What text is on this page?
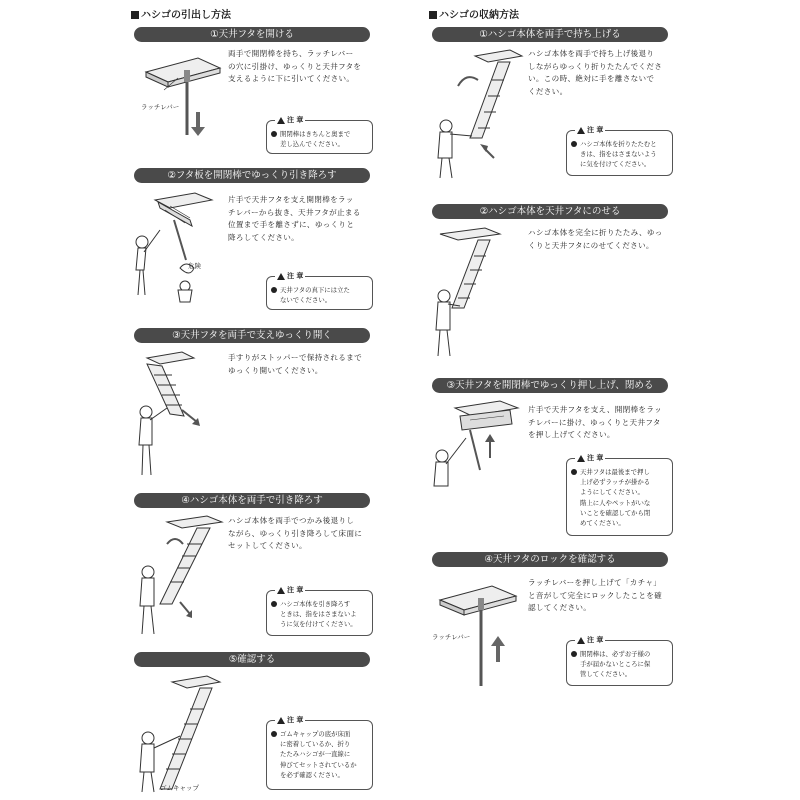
ハシゴの引出し方法	ハシゴの収納方法
①天井フタを開ける
ラッチレバー
両手で開閉棒を持ち、ラッチレバー
の穴に引掛け、ゆっくりと天井フタを
支えるように下に引いてください。
注 章
開閉棒はきちんと奥まで
差し込んでください。
②フタ板を開閉棒でゆっくり引き降ろす
危険
片手で天井フタを支え開閉棒をラッ
チレバーから抜き、天井フタが止まる
位置まで手を離さずに、ゆっくりと
降ろしてください。
注 章
天井フタの真下には立た
ないでください。
③天井フタを両手で支えゆっくり開く
手すりがストッパーで保持されるまで
ゆっくり開いてください。
④ハシゴ本体を両手で引き降ろす
ハシゴ本体を両手でつかみ後退りし
ながら、ゆっくり引き降ろして床面に
セットしてください。
注 章
ハシゴ本体を引き降ろす
ときは、指をはさまないよ
うに気を付けてください。
⑤確認する
ゴムキャップ
注 章
ゴムキャップの底が床面
に密着しているか、折り
たたみハシゴが一直線に
伸びてセットされているか
を必ず確認ください。
①ハシゴ本体を両手で持ち上げる
ハシゴ本体を両手で持ち上げ後退り
しながらゆっくり折りたたんでくださ
い。この時、絶対に手を離さないで
ください。
注 章
ハシゴ本体を折りたたむと
きは、指をはさまないよう
に気を付けてください。
②ハシゴ本体を天井フタにのせる
ハシゴ本体を完全に折りたたみ、ゆっ
くりと天井フタにのせてください。
③天井フタを開閉棒でゆっくり押し上げ、閉める
片手で天井フタを支え、開閉棒をラッ
チレバーに掛け、ゆっくりと天井フタ
を押し上げてください。
注 章
天井フタは最後まで押し
上げ必ずラッチが掛かる
ようにしてください。
階上に人やペットがいな
いことを確認してから閉
めてください。
④天井フタのロックを確認する
ラッチレバー
ラッチレバーを押し上げて「カチャ」
と音がして完全にロックしたことを確
認してください。
注 章
開閉棒は、必ずお子様の
手が届かないところに保
管してください。
